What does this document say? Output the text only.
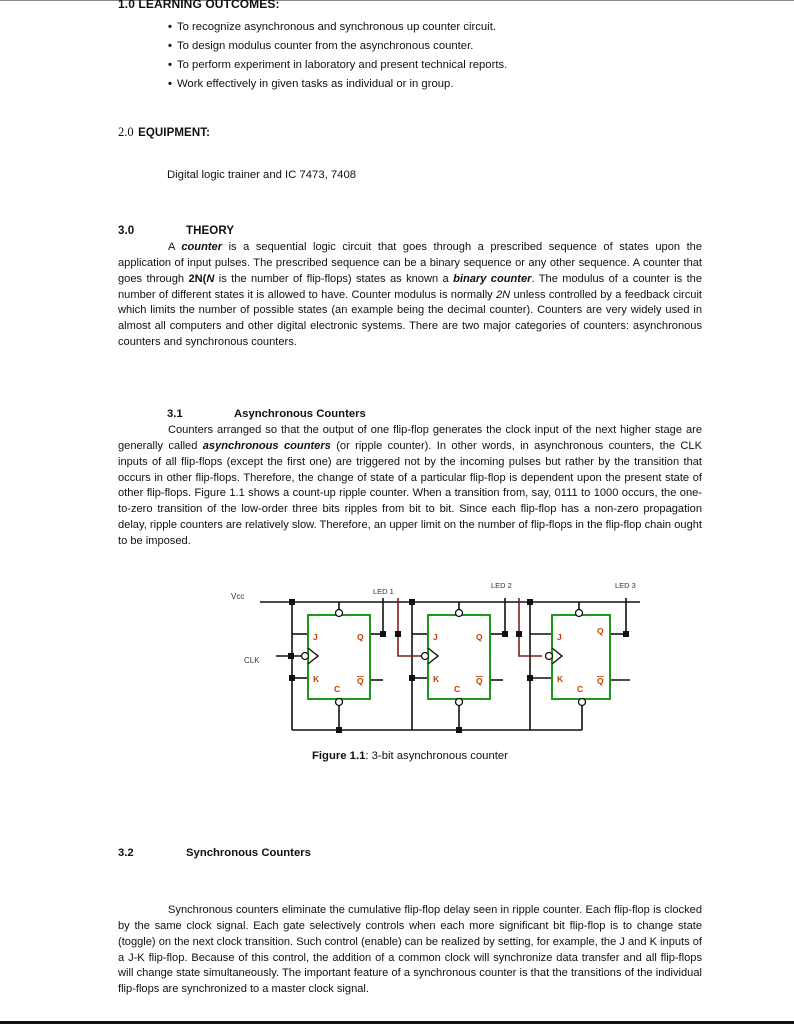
1.0 LEARNING OUTCOMES:
• To recognize asynchronous and synchronous up counter circuit.
• To design modulus counter from the asynchronous counter.
• To perform experiment in laboratory and present technical reports.
• Work effectively in given tasks as individual or in group.
2.0 EQUIPMENT:
Digital logic trainer and IC 7473, 7408
3.0	THEORY

A counter is a sequential logic circuit that goes through a prescribed sequence of states upon the application of input pulses. The prescribed sequence can be a binary sequence or any other sequence. A counter that goes through 2N(N is the number of flip-flops) states as known a binary counter. The modulus of a counter is the number of different states it is allowed to have. Counter modulus is normally 2N unless controlled by a feedback circuit which limits the number of possible states (an example being the decimal counter). Counters are very widely used in almost all computers and other digital electronic systems. There are two major categories of counters: asynchronous counters and synchronous counters.

3.1	Asynchronous Counters

Counters arranged so that the output of one flip-flop generates the clock input of the next higher stage are generally called asynchronous counters (or ripple counter). In other words, in asynchronous counters, the CLK inputs of all flip-flops (except the first one) are triggered not by the incoming pulses but rather by the transition that occurs in other flip-flops. Therefore, the change of state of a particular flip-flop is dependent upon the present state of other flip-flops. Figure 1.1 shows a count-up ripple counter. When a transition from, say, 0111 to 1000 occurs, the one-to-zero transition of the low-order three bits ripples from bit to bit. Since each flip-flop has a non-zero propagation delay, ripple counters are relatively slow. Therefore, an upper limit on the number of flip-flops in the flip-flop chain ought to be imposed.

Vcc
CLK
LED 1
LED 2	LED 3
J
K
C
Q
Q
J
K
C
Q
Q
J
K
C
Q
Q
Figure 1.1: 3-bit asynchronous counter
3.2	Synchronous Counters

Synchronous counters eliminate the cumulative flip-flop delay seen in ripple counter. Each flip-flop is clocked by the same clock signal. Each gate selectively controls when each more significant bit flip-flop is to change state (toggle) on the next clock transition. Such control (enable) can be realized by setting, for example, the J and K inputs of a J-K flip-flop. Because of this control, the addition of a common clock will synchronize data transfer and all flip-flops will change state simultaneously. The important feature of a synchronous counter is that the transitions of the individual flip-flops are synchronized to a master clock signal.
